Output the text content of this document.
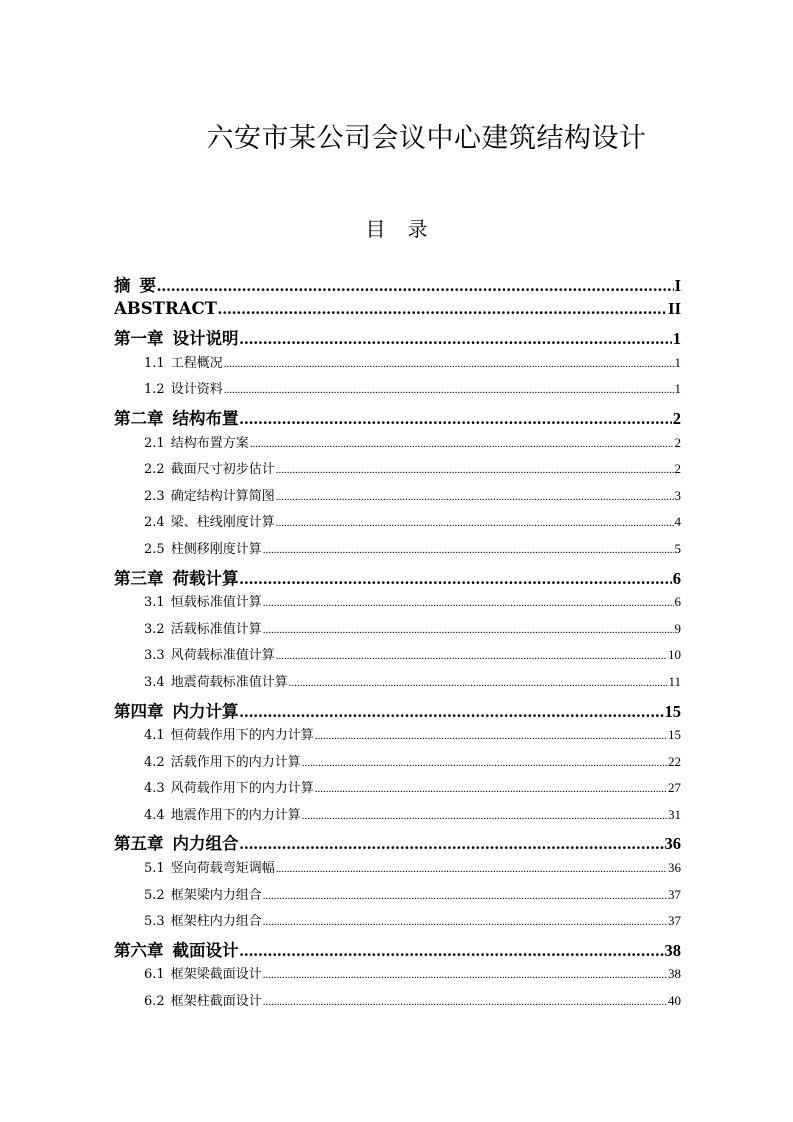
六安市某公司会议中心建筑结构设计
目 录
摘 要 .....	I
ABSTRACT .....	II
第一章 设计说明 .....	1
1.1 工程概况 .....	1
1.2 设计资料 .....	1
第二章 结构布置 .....	2
2.1 结构布置方案 .....	2
2.2 截面尺寸初步估计 .....	2
2.3 确定结构计算简图 .....	3
2.4 梁、柱线刚度计算 .....	4
2.5 柱侧移刚度计算 .....	5
第三章 荷载计算 .....	6
3.1 恒载标准值计算 .....	6
3.2 活载标准值计算 .....	9
3.3 风荷载标准值计算 .....	10
3.4 地震荷载标准值计算 .....	11
第四章 内力计算 .....	15
4.1 恒荷载作用下的内力计算 .....	15
4.2 活载作用下的内力计算 .....	22
4.3 风荷载作用下的内力计算 .....	27
4.4 地震作用下的内力计算 .....	31
第五章 内力组合 .....	36
5.1 竖向荷载弯矩调幅 .....	36
5.2 框架梁内力组合 .....	37
5.3 框架柱内力组合 .....	37
第六章 截面设计 .....	38
6.1 框架梁截面设计 .....	38
6.2 框架柱截面设计 .....	40
